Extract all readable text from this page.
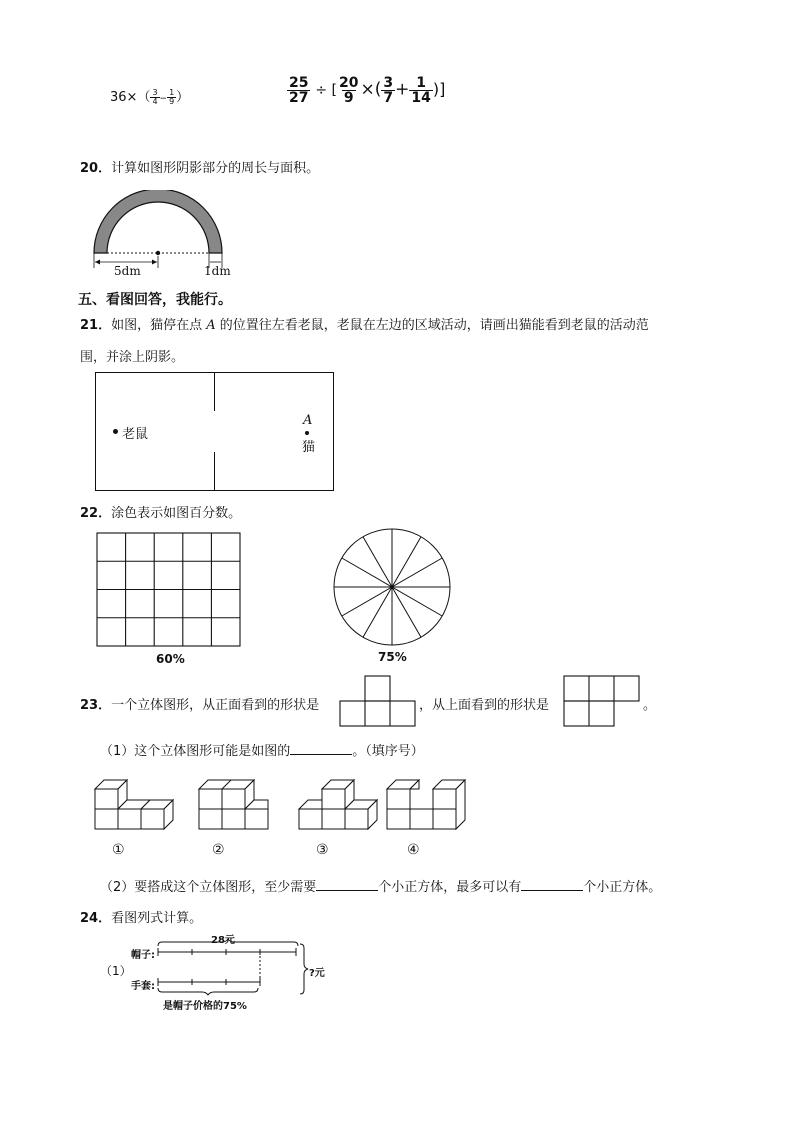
$36\times( \frac{3}{4} - \frac{1}{9}$ ）	$\frac{25}{27}$ ÷ [ $\frac{20}{9}$ ×( $\frac{3}{7} + \frac{1}{14}$ )]
20．计算如图形阴影部分的周长与面积。
5dm	1dm
五、看图回答，我能行。
21．如图，猫停在点 A 的位置往左看老鼠，老鼠在左边的区域活动，请画出猫能看到老鼠的活动范
围，并涂上阴影。
老鼠
A
猫
22．涂色表示如图百分数。
60%	75%
23．一个立体图形，从正面看到的形状是	，从上面看到的形状是	。
（1）这个立体图形可能是如图的	。（填序号）
①	②	③	④
（2）要搭成这个立体图形，至少需要	个小正方体，最多可以有	个小正方体。
24．看图列式计算。
28元
（1）
帽子:
手套:
?元
是帽子价格的75%
